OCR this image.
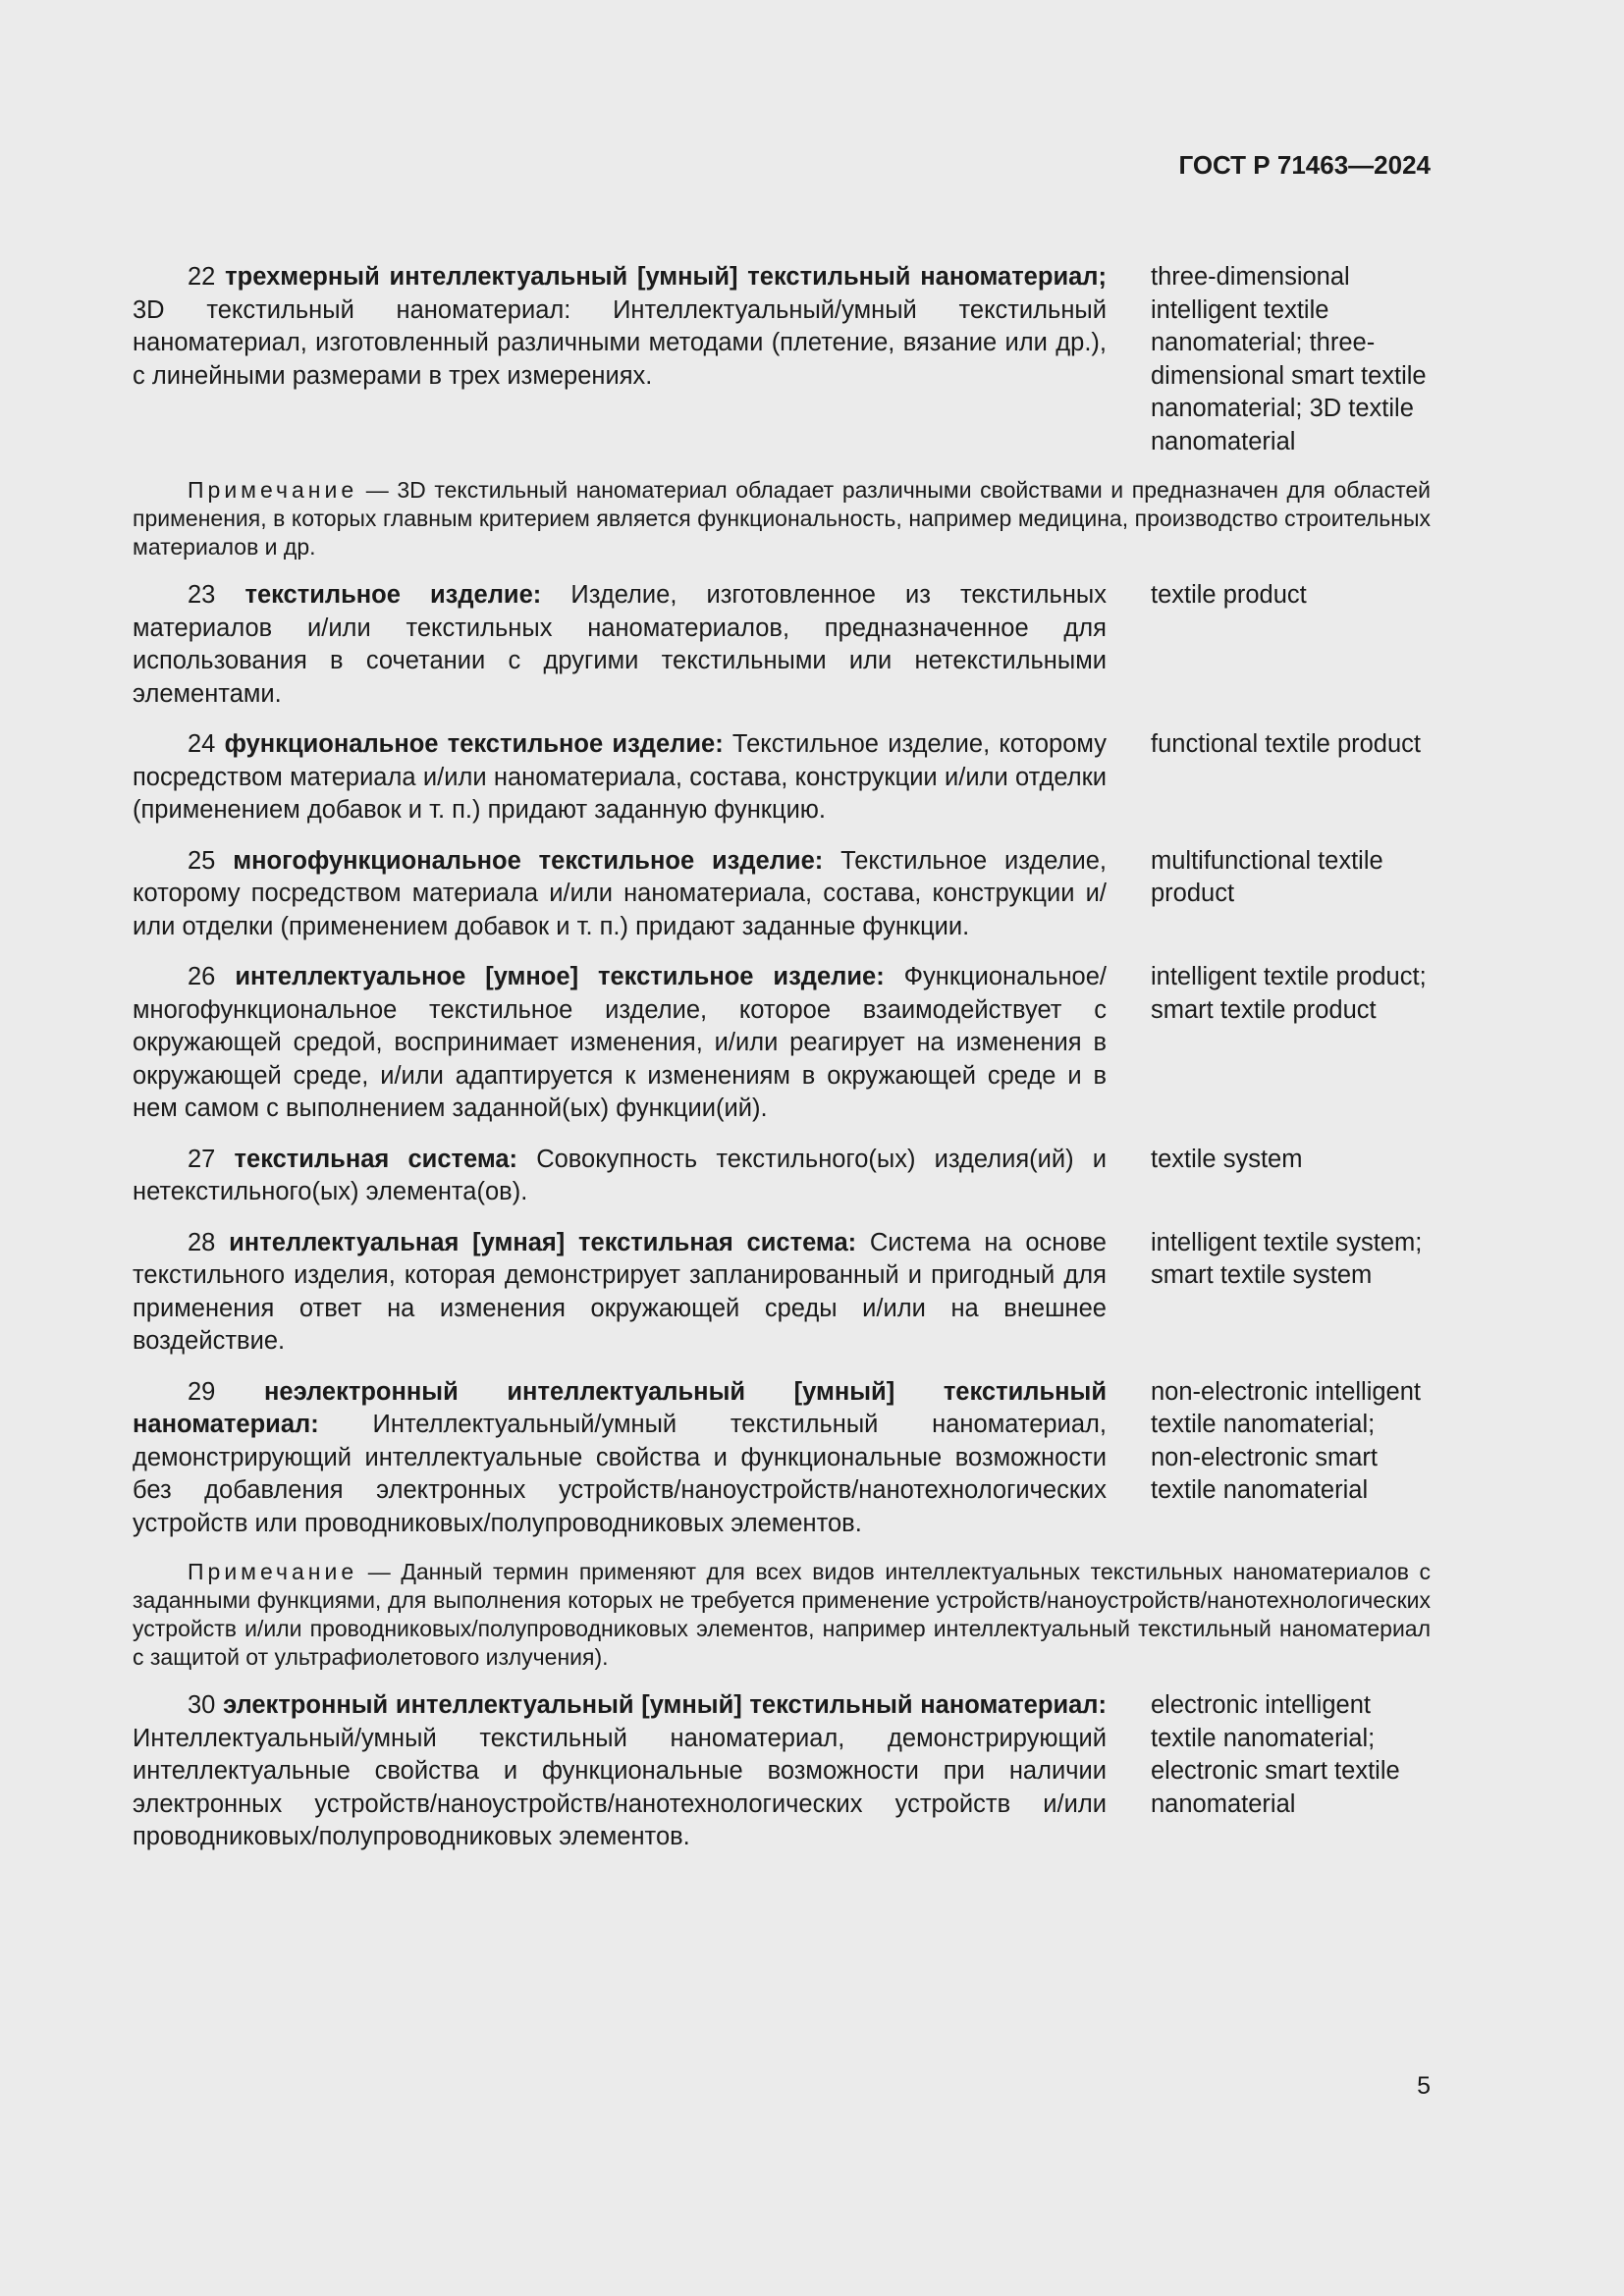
ГОСТ Р 71463—2024

22 трехмерный интеллектуальный [умный] текстильный наноматериал; 3D текстильный наноматериал: Интеллектуальный/умный текстильный наноматериал, изготовленный различными методами (плетение, вязание или др.), с линейными размерами в трех измерениях.

three-dimensional intelligent textile nanomaterial; three-dimensional smart textile nanomaterial; 3D textile nanomaterial

Примечание — 3D текстильный наноматериал обладает различными свойствами и предназначен для областей применения, в которых главным критерием является функциональность, например медицина, производство строительных материалов и др.

23 текстильное изделие: Изделие, изготовленное из текстильных материалов и/или текстильных наноматериалов, предназначенное для использования в сочетании с другими текстильными или нетекстильными элементами.

textile product

24 функциональное текстильное изделие: Текстильное изделие, которому посредством материала и/или наноматериала, состава, конструкции и/или отделки (применением добавок и т. п.) придают заданную функцию.

functional textile product

25 многофункциональное текстильное изделие: Текстильное изделие, которому посредством материала и/или наноматериала, состава, конструкции и/или отделки (применением добавок и т. п.) придают заданные функции.

multifunctional textile product

26 интеллектуальное [умное] текстильное изделие: Функциональное/многофункциональное текстильное изделие, которое взаимодействует с окружающей средой, воспринимает изменения, и/или реагирует на изменения в окружающей среде, и/или адаптируется к изменениям в окружающей среде и в нем самом с выполнением заданной(ых) функции(ий).

intelligent textile product; smart textile product

27 текстильная система: Совокупность текстильного(ых) изделия(ий) и нетекстильного(ых) элемента(ов).

textile system

28 интеллектуальная [умная] текстильная система: Система на основе текстильного изделия, которая демонстрирует запланированный и пригодный для применения ответ на изменения окружающей среды и/или на внешнее воздействие.

intelligent textile system; smart textile system

29 неэлектронный интеллектуальный [умный] текстильный наноматериал: Интеллектуальный/умный текстильный наноматериал, демонстрирующий интеллектуальные свойства и функциональные возможности без добавления электронных устройств/наноустройств/нанотехнологических устройств или проводниковых/полупроводниковых элементов.

non-electronic intelligent textile nanomaterial; non-electronic smart textile nanomaterial

Примечание — Данный термин применяют для всех видов интеллектуальных текстильных наноматериалов с заданными функциями, для выполнения которых не требуется применение устройств/наноустройств/нанотехнологических устройств и/или проводниковых/полупроводниковых элементов, например интеллектуальный текстильный наноматериал с защитой от ультрафиолетового излучения).

30 электронный интеллектуальный [умный] текстильный наноматериал: Интеллектуальный/умный текстильный наноматериал, демонстрирующий интеллектуальные свойства и функциональные возможности при наличии электронных устройств/наноустройств/нанотехнологических устройств и/или проводниковых/полупроводниковых элементов.

electronic intelligent textile nanomaterial; electronic smart textile nanomaterial

5
